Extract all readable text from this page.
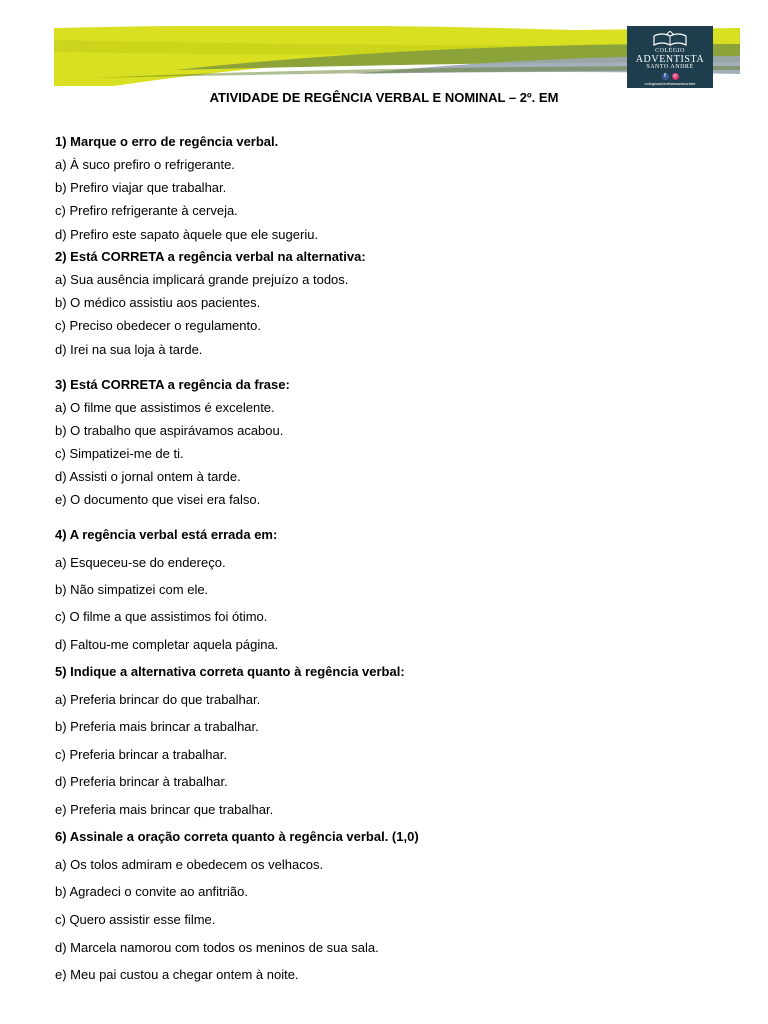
COLÉGIO
ADVENTISTA
SANTO ANDRÉ
f	◎
colegioadventistasantoandre
ATIVIDADE DE REGÊNCIA VERBAL E NOMINAL – 2º. EM
1) Marque o erro de regência verbal.
a) À suco prefiro o refrigerante.
b) Prefiro viajar que trabalhar.
c) Prefiro refrigerante à cerveja.
d) Prefiro este sapato àquele que ele sugeriu.
2) Está CORRETA a regência verbal na alternativa:
a) Sua ausência implicará grande prejuízo a todos.
b) O médico assistiu aos pacientes.
c) Preciso obedecer o regulamento.
d) Irei na sua loja à tarde.
3) Está CORRETA a regência da frase:
a) O filme que assistimos é excelente.
b) O trabalho que aspirávamos acabou.
c) Simpatizei-me de ti.
d) Assisti o jornal ontem à tarde.
e) O documento que visei era falso.
4) A regência verbal está errada em:
a) Esqueceu-se do endereço.
b) Não simpatizei com ele.
c) O filme a que assistimos foi ótimo.
d) Faltou-me completar aquela página.
5) Indique a alternativa correta quanto à regência verbal:
a) Preferia brincar do que trabalhar.
b) Preferia mais brincar a trabalhar.
c) Preferia brincar a trabalhar.
d) Preferia brincar à trabalhar.
e) Preferia mais brincar que trabalhar.
6) Assinale a oração correta quanto à regência verbal. (1,0)
a) Os tolos admiram e obedecem os velhacos.
b) Agradeci o convite ao anfitrião.
c) Quero assistir esse filme.
d) Marcela namorou com todos os meninos de sua sala.
e) Meu pai custou a chegar ontem à noite.
